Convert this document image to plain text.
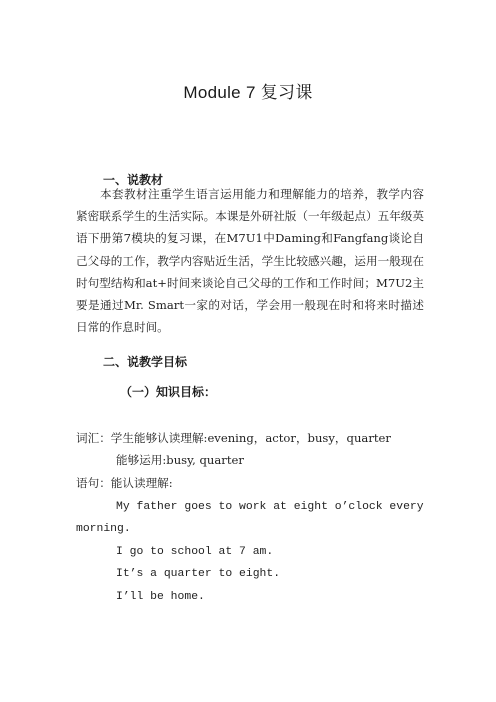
Module 7 复习课
一、说教材
本套教材注重学生语言运用能力和理解能力的培养，教学内容紧密联系学生的生活实际。本课是外研社版（一年级起点）五年级英语下册第7模块的复习课，在M7U1中Daming和Fangfang谈论自己父母的工作，教学内容贴近生活，学生比较感兴趣，运用一般现在时句型结构和at+时间来谈论自己父母的工作和工作时间；M7U2主要是通过Mr. Smart一家的对话，学会用一般现在时和将来时描述日常的作息时间。
二、说教学目标
（一）知识目标：
词汇：学生能够认读理解:evening，actor，busy，quarter
能够运用:busy, quarter
语句：能认读理解:
My father goes to work at eight o’clock every
morning.
I go to school at 7 am.
It’s a quarter to eight.
I’ll be home.
